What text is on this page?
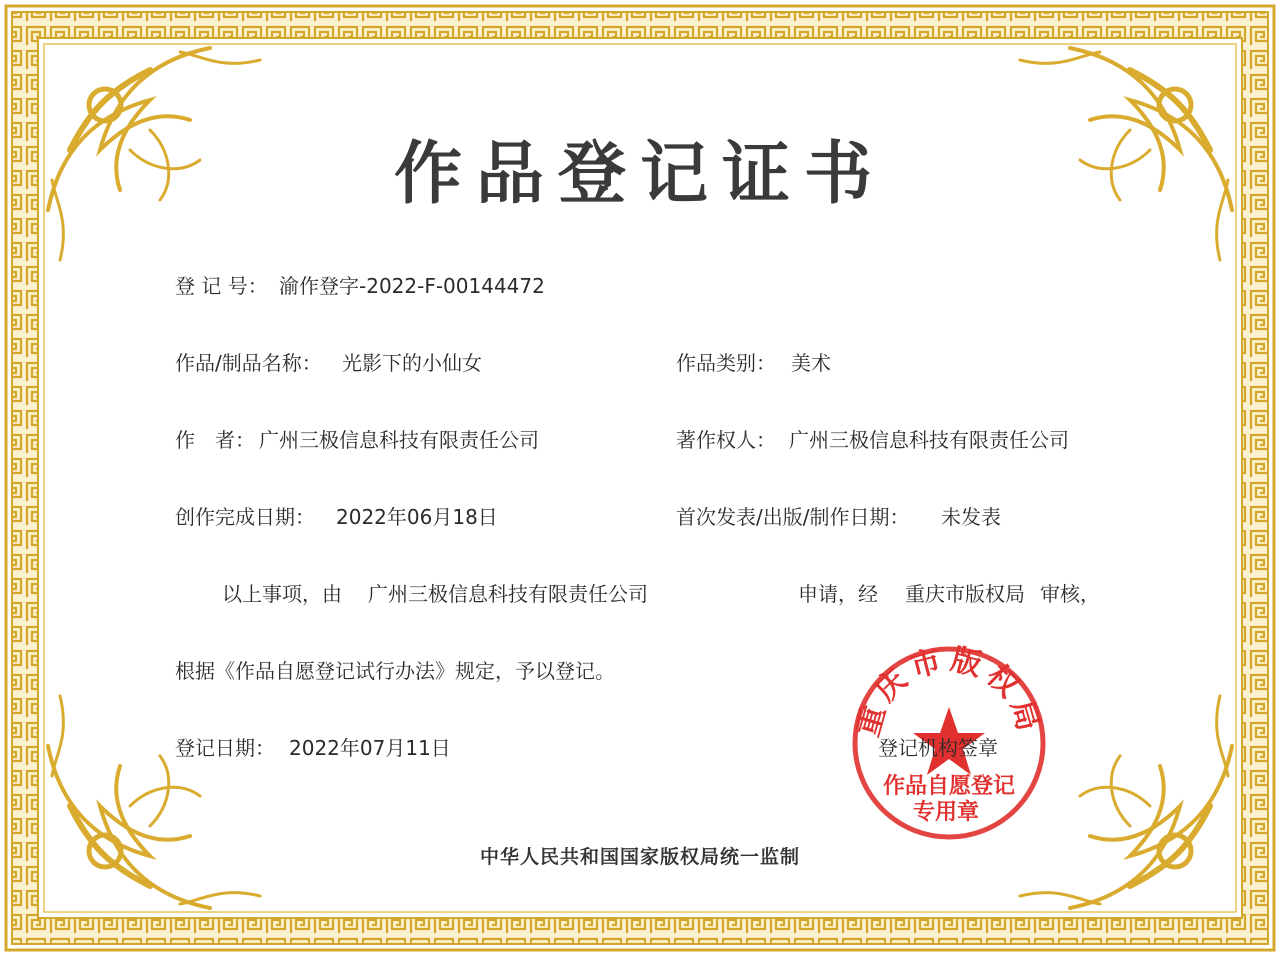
作品登记证书
登 记 号： 渝作登字-2022-F-00144472
作品/制品名称： 光影下的小仙女	作品类别： 美术
作　者： 广州三极信息科技有限责任公司	著作权人： 广州三极信息科技有限责任公司
创作完成日期： 2022年06月18日	首次发表/出版/制作日期： 未发表
以上事项，由 广州三极信息科技有限责任公司	申请，经 重庆市版权局 审核，
根据《作品自愿登记试行办法》规定，予以登记。
重庆市版权局
作品自愿登记
专用章
登记日期： 2022年07月11日	登记机构签章
中华人民共和国国家版权局统一监制
